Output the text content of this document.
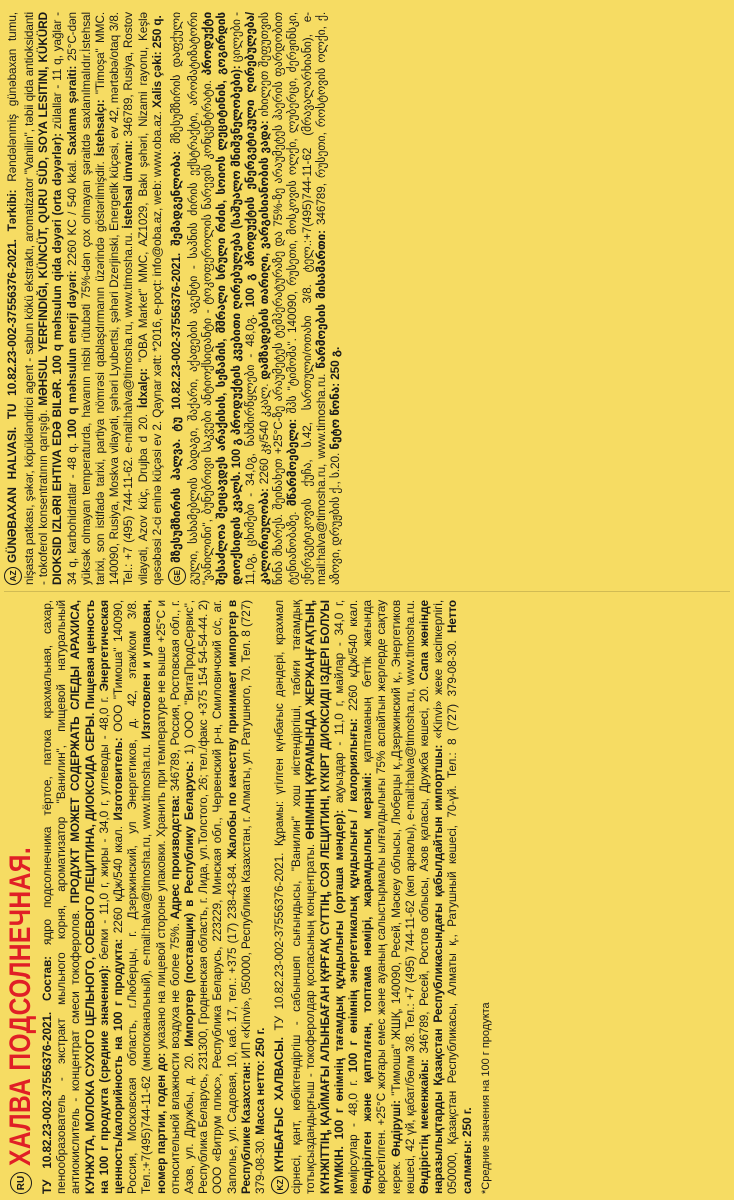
RU
ХАЛВА ПОДСОЛНЕЧНАЯ. ТУ 10.82.23-002-37556376-2021. Состав: ядро подсолнечника тёртое, патока крахмальная, сахар, пенообразователь - экстракт мыльного корня, ароматизатор "Ванилин", пищевой натуральный антиокислитель - концентрат смеси токоферолов. ПРОДУКТ МОЖЕТ СОДЕРЖАТЬ СЛЕДЫ АРАХИСА, КУНЖУТА, МОЛОКА СУХОГО ЦЕЛЬНОГО, СОЕВОГО ЛЕЦИТИНА, ДИОКСИДА СЕРЫ. Пищевая ценность на 100 г продукта (средние значения): белки - 11,0 г, жиры - 34,0 г, углеводы - 48,0 г. Энергетическая ценность/калорийность на 100 г продукта: 2260 кДж/540 ккал. Изготовитель: ООО "Тимоша" 140090, Россия, Московская область, г.Люберцы, г. Дзержинский, ул Энергетиков, д. 42, этаж/ком 3/8. Тел.:+7(495)744-11-62 (многоканальный), e-mail:halva@timosha.ru, www.timosha.ru. Изготовлен и упакован, номер партии, годен до: указано на лицевой стороне упаковки. Хранить при температуре не выше +25°С и относительной влажности воздуха не более 75%. Адрес производства: 346789, Россия, Ростовская обл., г. Азов, ул. Дружбы, д. 20. Импортер (поставщик) в Республику Беларусь: 1) ООО "ВитаПродСервис", Республика Беларусь, 231300, Гродненская область, г. Лида, ул.Толстого, 26; тел./факс +375 154 54-54-44. 2) ООО «Витрум плюс», Республика Беларусь, 223229, Минская обл., Червенский р-н, Смиловичский с/с, аг. Заполье, ул. Садовая, 10, каб. 17, тел.: +375 (17) 238-43-84. Жалобы по качеству принимает импортер в Республике Казахстан: ИП «Kinvi», 050000, Республика Казахстан, г. Алматы, ул. Ратушного, 70. Тел. 8 (727) 379-08-30. Масса нетто: 250 г.

KZКҮНБАҒЫС ХАЛВАСЫ. ТУ 10.82.23-002-37556376-2021. Құрамы: үгілген күнбағыс дәндері, крахмал сірнесі, қант, көбіктендіргіш - сабыншөп сығындысы, "Ванилин" хош иістендіргіші, табиғи тағамдық тотықсыздандырғыш - токоферолдар қоспасының концентраты. ӨНІМНІҢ ҚҰРАМЫНДА ЖЕРЖАҢҒАҚТЫҢ, КҮНЖІТТІҢ, ҚАЙМАҒЫ АЛЫНБАҒАН ҚҰРҒАҚ СҮТТІҢ, СОЯ ЛЕЦИТИНІ, КҮКІРТ ДИОКСИДІ ІЗДЕРІ БОЛУЫ МҮМКІН. 100 г өнімнің тағамдық құндылығы (орташа мәндер): ақуыздар - 11,0 г, майлар - 34,0 г, көмірсулар - 48,0 г. 100 г өнімнің энергетикалық құндылығы / калориялығы: 2260 кДж/540 ккал. Өндірілген және қапталған, топтама нөмірі, жарамдылық мерзімі: қаптаманың беттік жағында көрсетілген. +25°С жоғары емес және ауаның салыстырмалы ылғалдылығы 75% аспайтын жерлерде сақтау керек. Өндіруші: "Тимоша" ЖШҚ, 140090, Ресей, Мәскеу облысы, Люберцы қ.,Дзержинский қ., Энергетиков көшесі, 42 үй, қабат/бөлм 3/8. Тел.: +7 (495) 744-11-62 (көп арналы), e-mail:halva@timosha.ru, www.timosha.ru. Өндірістің мекенжайы: 346789, Ресей, Ростов облысы, Азов қаласы, Дружба көшесі, 20. Сапа жөнінде наразылықтарды Қазақстан Республикасындағы қабылдайтын импортшы: «Kinvi» жеке кәсіпкерлігі, 050000, Қазақстан Республикасы, Алматы қ., Ратушный көшесі, 70-үй. Тел.: 8 (727) 379-08-30. Нетто салмағы: 250 г. *Средние значения на 100 г продукта

AZGÜNƏBAXAN HALVASI. TU 10.82.23-002-37556376-2021. Tərkibi: Rəndələnmiş günəbaxan tumu, nişasta patkası, şəkər, köpükləndirici agent - sabun kökü ekstraktı, aromatizator "Vanilin", təbii qida antioksidanti - tokoferol konsentratının qarışığı. MƏHSUL YERFINDIĞI, KÜNCÜT, QURU SÜD, SOYA LESITINI, KÜKÜRD DIOKSID IZLƏRI EHTIVA EDƏ BILƏR. 100 q məhsulun qida dəyəri (orta dəyərlər): zülallar - 11 q, yağlar - 34 q, karbohidratlar - 48 q. 100 q məhsulun enerji dəyəri: 2260 KC / 540 kkal. Saxlama şəraiti: 25°C-dən yüksək olmayan temperaturda, havanın nisbi rütubəti 75%-dən çox olmayan şəraitdə saxlanılmalıdır.İstehsal tarixi, son istifadə tarixi, partiya nömrəsi qablaşdırmanın üzərində göstərilmişdir. İstehsalçı: "Timoşa" MMC. 140090, Rusiya, Moskva vilayəti, şəhəri Lyubertsi, şəhəri Dzerjinski, Energetik küçəsi, ev 42, mərtəbə/otaq 3/8. Tel.: +7 (495) 744-11-62. e-mail:halva@timosha.ru, www.timosha.ru. İstehsal ünvanı: 346789, Rusiya, Rostov vilayəti, Azov küç, Drujba d 20. İdxalçı: "OBA Market" MMC, AZ1029, Bakı şəhəri, Nizami rayonu, Keşlə qəsəbəsi 2-ci eninə küçəsi ev 2. Qaynar xətt: *2016, e-poçt: info@oba.az, web: www.oba.az. Xalis çəki: 250 q.

GEმზესუმზირის ჰალვა. ტუ 10.82.23-002-37556376-2021. შემადგენლობა: მზესუმზირის დაფქული გული, სახამებლის ბადაგი, შაქარი, აქაფების აგენტი - საპნის ძირის ექსტრაქტი, არომატიზატორი "ვანილინი", ბუნებრივი საკვები ანტიოქსიდანტი - ტოკოფეროლის ნარევის კონცენტრატი. პროდუქტი შესაძლოა შეიცავდეს არაქისის, სეზამის, მშრალი სრული რძის, სოიოს ლეციტინის, გოგირდის დიოქსიდის კვალს. 100 გ პროდუქტის კვებითი ღირებულება (საშუალო მნიშვნელობები): ცილები - 11,0გ, ცხიმები - 34,0გ, ნახშირწყლები - 48,0გ. 100 გ პროდუქტის ენერგეტიკული ღირებულება/კალორიულობა: 2260 კჯ/540 კკალ. დამზადების თარიღი, ვარგისიანობის ვადა: იხილეთ შეფუთვის წინა მხარეს. შეინახეთ +25°C-ზე არაუმეტეს ტემპერატურაზე და 75%-ზე არაუმეტეს ჰაერის ფარდობით ტენიანობაზე. მწარმოებელი: შპს "ტიმოშა". 140090, რუსეთი, მოსკოვის ოლქი, ლუბერცი, ძერჟინსკი, ენერგეტიკოვის ქუჩა, ს.42, სართული/ოთახი 3/8. ტელ.:+7(495)744-11-62 (მრავალარხიანი), e-mail:halva@timosha.ru, www.timosha.ru. წარმოების მისამართი: 346789, რუსეთი, როსტოვის ოლქი, ქ. აზოვი, დრუჟბის ქ., ს.20. ნეტო წონა: 250 გ.
